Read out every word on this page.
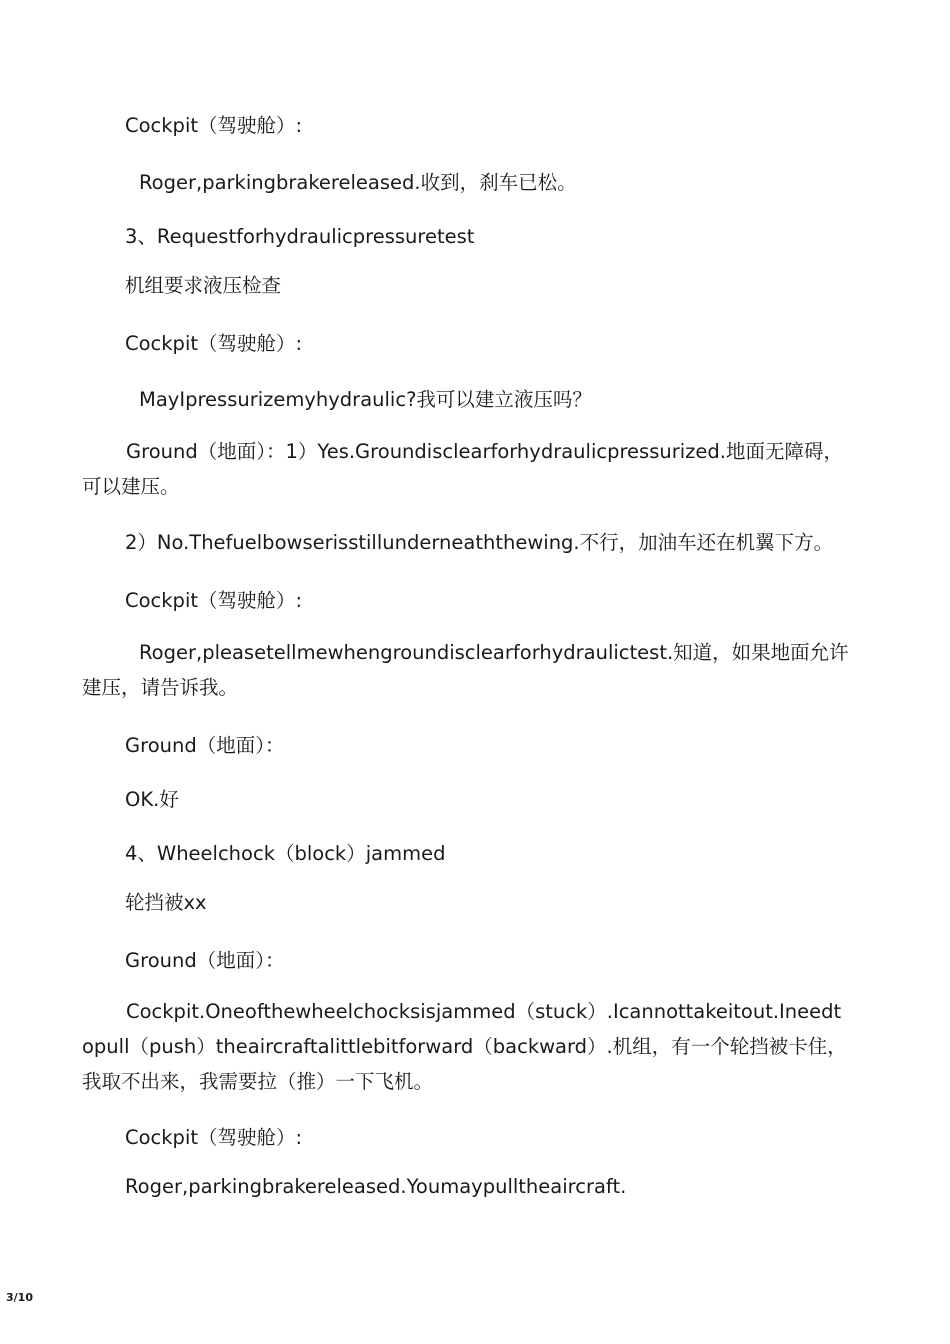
Cockpit（驾驶舱）:
Roger,parkingbrakereleased.收到，刹车已松。
3、Requestforhydraulicpressuretest
机组要求液压检查
Cockpit（驾驶舱）:
MayIpressurizemyhydraulic?我可以建立液压吗？
Ground（地面）：1）Yes.Groundisclearforhydraulicpressurized.地面无障碍，可以建压。
2）No.Thefuelbowserisstillunderneaththewing.不行，加油车还在机翼下方。
Cockpit（驾驶舱）:
Roger,pleasetellmewhengroundisclearforhydraulictest.知道，如果地面允许建压，请告诉我。
Ground（地面）：
OK.好
4、Wheelchock（block）jammed
轮挡被xx
Ground（地面）：
Cockpit.Oneofthewheelchocksisjammed（stuck）.Icannottakeitout.Ineedtopull（push）theaircraftalittlebitforward（backward）.机组，有一个轮挡被卡住，我取不出来，我需要拉（推）一下飞机。
Cockpit（驾驶舱）:
Roger,parkingbrakereleased.Youmaypulltheaircraft.
3/10
